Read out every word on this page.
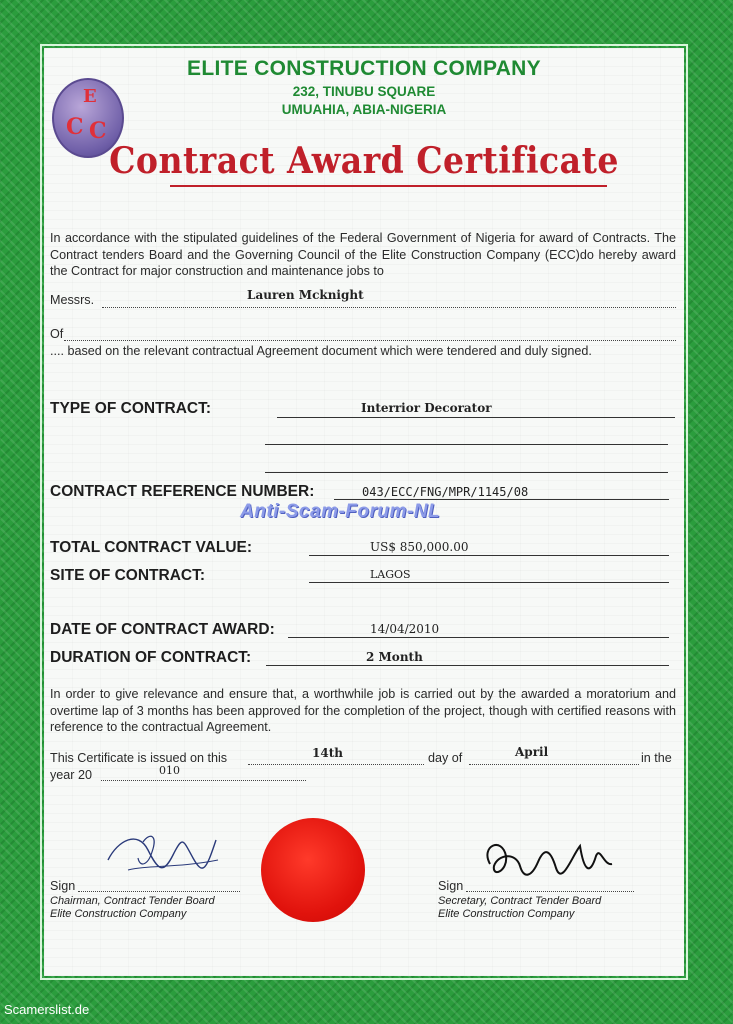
E
C C
ELITE CONSTRUCTION COMPANY
232, TINUBU SQUARE
UMUAHIA, ABIA-NIGERIA
Contract Award Certificate
In accordance with the stipulated guidelines of the Federal Government of Nigeria for award of Contracts. The Contract tenders Board and the Governing Council of the Elite Construction Company (ECC)do hereby award the Contract for major construction and maintenance jobs to
Messrs.	Lauren Mcknight
Of
.... based on the relevant contractual Agreement document which were tendered and duly signed.
TYPE OF CONTRACT:	Interrior Decorator
CONTRACT REFERENCE NUMBER:	043/ECC/FNG/MPR/1145/08
Anti-Scam-Forum-NL
TOTAL CONTRACT VALUE:	US$ 850,000.00
SITE OF CONTRACT:	LAGOS
DATE OF CONTRACT AWARD:	14/04/2010
DURATION OF CONTRACT:	2 Month
In order to give relevance and ensure that, a worthwhile job is carried out by the awarded a moratorium and overtime lap of 3 months has been approved for the completion of the project, though with certified reasons with reference to the contractual Agreement.
This Certificate is issued on this	14th	day of	April	in the
year 20	010
Sign
Chairman, Contract Tender Board
Elite Construction Company
Sign
Secretary, Contract Tender Board
Elite Construction Company
Scamerslist.de
